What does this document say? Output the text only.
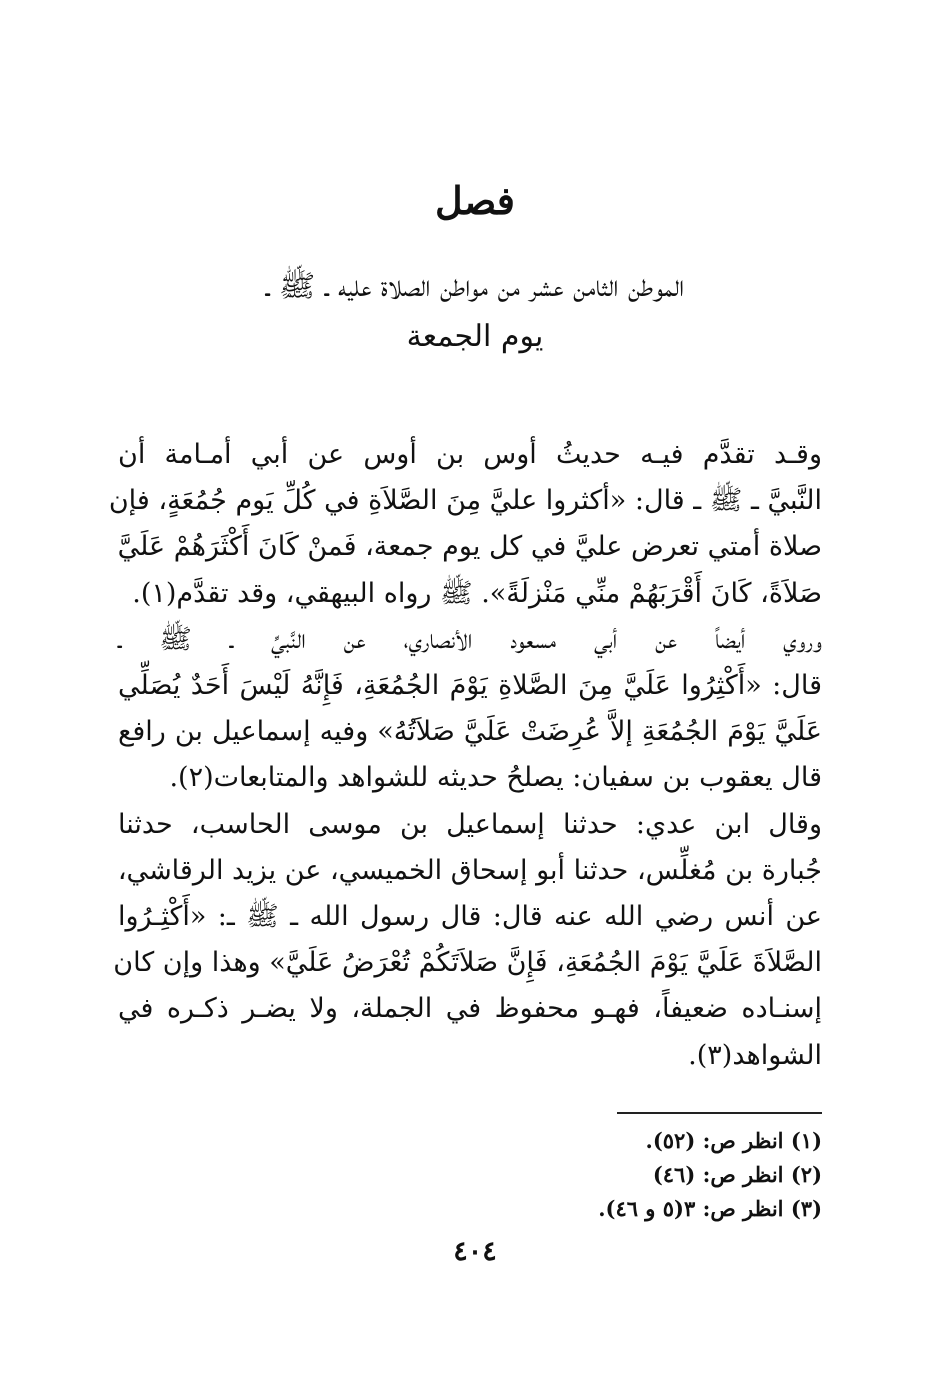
فصل
الموطن الثامن عشر من مواطن الصلاة عليه ـ ﷺ ـ
يوم الجمعة

وقـد تقدَّم فيـه حديثُ أوس بن أوس عن أبي أمـامة أن
النَّبيَّ ـ ﷺ ـ قال: «أكثروا عليَّ مِنَ الصَّلاَةِ في كُلِّ يَوم جُمُعَةٍ، فإن
صلاة أمتي تعرض عليَّ في كل يوم جمعة، فَمنْ كَانَ أَكْثَرَهُمْ عَلَيَّ
صَلاَةً، كَانَ أَقْرَبَهُمْ منِّي مَنْزلَةً». ﷺ رواه البيهقي، وقد تقدَّم(١).

وروي أيضاً عن أبي مسعود الأنصاري، عن النَّبيِّ ـ ﷺ ـ
قال: «أَكْثِرُوا عَلَيَّ مِنَ الصَّلاةِ يَوْمَ الجُمُعَةِ، فَإِنَّهُ لَيْسَ أَحَدٌ يُصَلِّي
عَلَيَّ يَوْمَ الجُمُعَةِ إلاَّ عُرِضَتْ عَلَيَّ صَلاَتُهُ» وفيه إسماعيل بن رافع
قال يعقوب بن سفيان: يصلحُ حديثه للشواهد والمتابعات(٢).

وقال ابن عدي: حدثنا إسماعيل بن موسى الحاسب، حدثنا
جُبارة بن مُغلِّس، حدثنا أبو إسحاق الخميسي، عن يزيد الرقاشي،
عن أنس رضي الله عنه قال: قال رسول الله ـ ﷺ ـ: «أَكْثِـرُوا
الصَّلاَةَ عَلَيَّ يَوْمَ الجُمُعَةِ، فَإِنَّ صَلاَتَكُمْ تُعْرَضُ عَلَيَّ» وهذا وإن كان
إسنـاده ضعيفاً، فهـو محفوظ في الجملة، ولا يضـر ذكـره في
الشواهد(٣).

(١) انظر ص: (٥٢).
(٢) انظر ص: (٤٦)
(٣) انظر ص: ٣(٥ و ٤٦).
٤٠٤
